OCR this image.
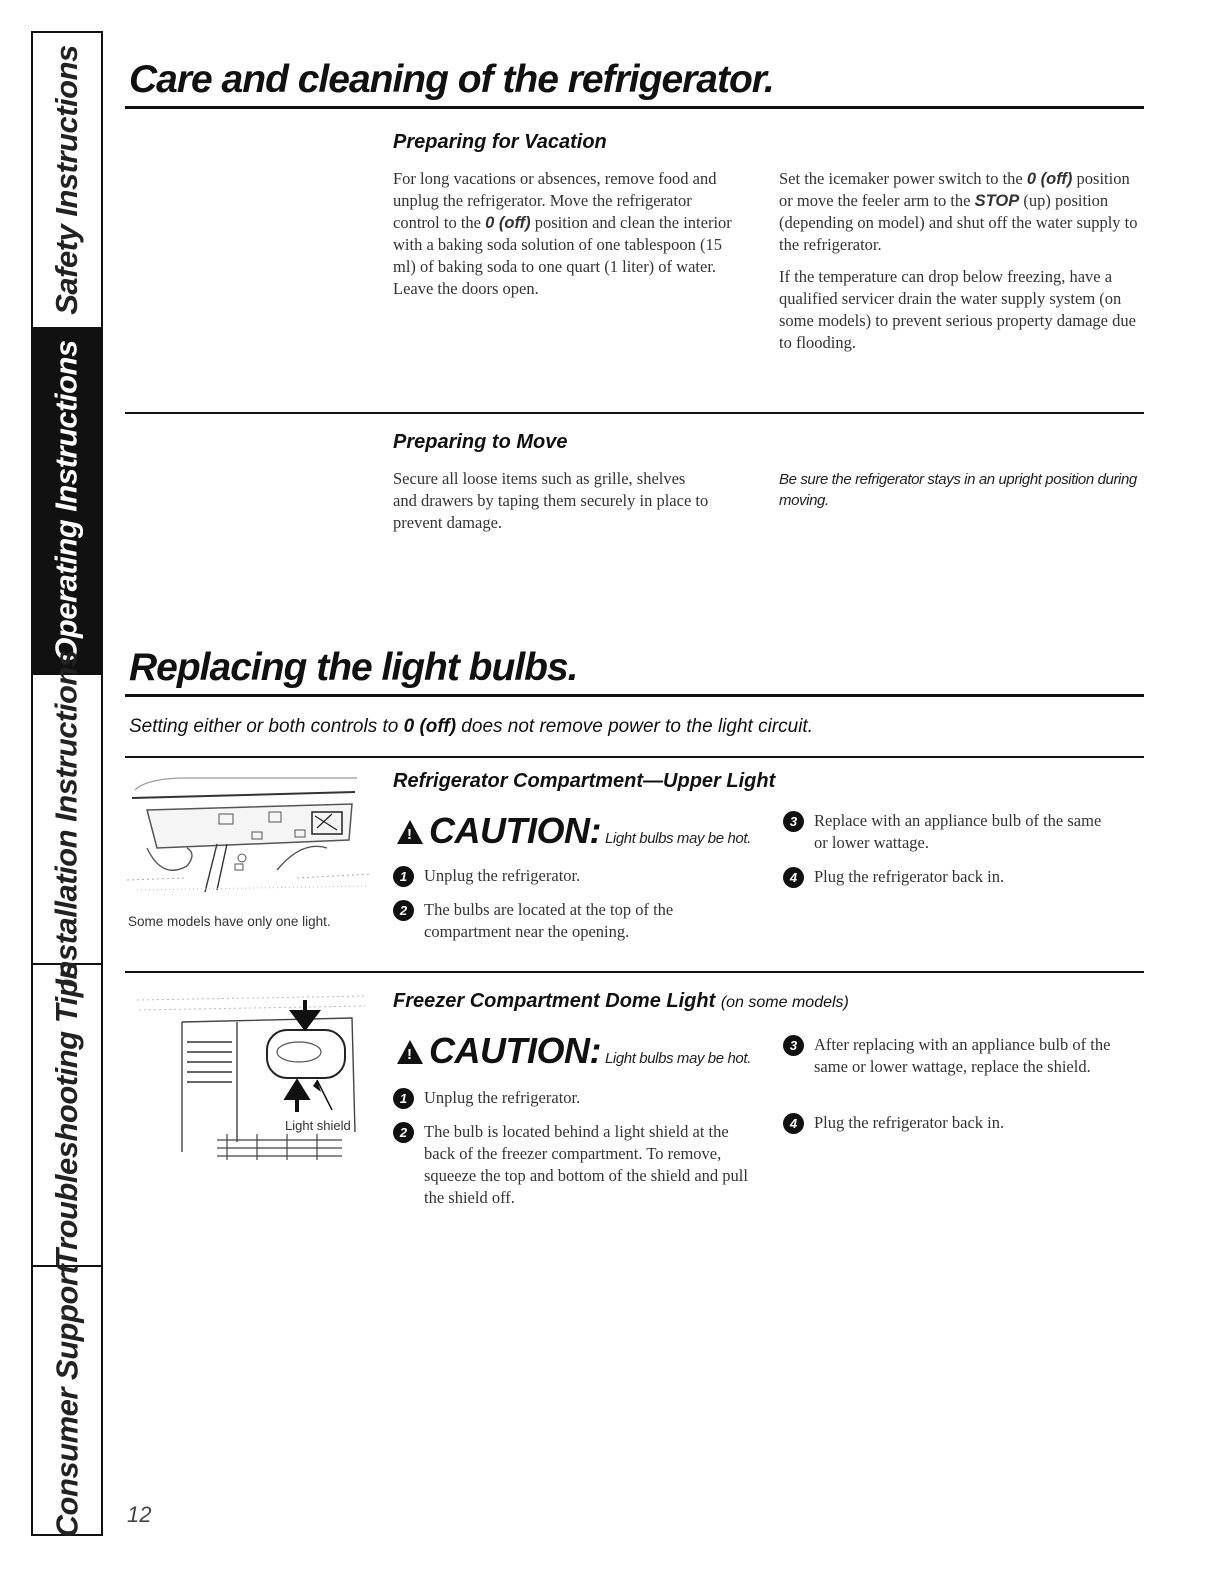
Safety Instructions
Operating Instructions
Installation Instructions
Troubleshooting Tips
Consumer Support
Care and cleaning of the refrigerator.
Preparing for Vacation
For long vacations or absences, remove food and unplug the refrigerator. Move the refrigerator control to the 0 (off) position and clean the interior with a baking soda solution of one tablespoon (15 ml) of baking soda to one quart (1 liter) of water. Leave the doors open.

Set the icemaker power switch to the 0 (off) position or move the feeler arm to the STOP (up) position (depending on model) and shut off the water supply to the refrigerator.

If the temperature can drop below freezing, have a qualified servicer drain the water supply system (on some models) to prevent serious property damage due to flooding.

Preparing to Move
Secure all loose items such as grille, shelves and drawers by taping them securely in place to prevent damage.
Be sure the refrigerator stays in an upright position during moving.
Replacing the light bulbs.
Setting either or both controls to 0 (off) does not remove power to the light circuit.
Some models have only one light.
Refrigerator Compartment—Upper Light
!
CAUTION: Light bulbs may be hot.
1	Unplug the refrigerator.
2	The bulbs are located at the top of the compartment near the opening.
3	Replace with an appliance bulb of the same or lower wattage.
4	Plug the refrigerator back in.
Light shield
Freezer Compartment Dome Light (on some models)
!
CAUTION: Light bulbs may be hot.
1	Unplug the refrigerator.
2	The bulb is located behind a light shield at the back of the freezer compartment. To remove, squeeze the top and bottom of the shield and pull the shield off.
3	After replacing with an appliance bulb of the same or lower wattage, replace the shield.
4	Plug the refrigerator back in.
12
